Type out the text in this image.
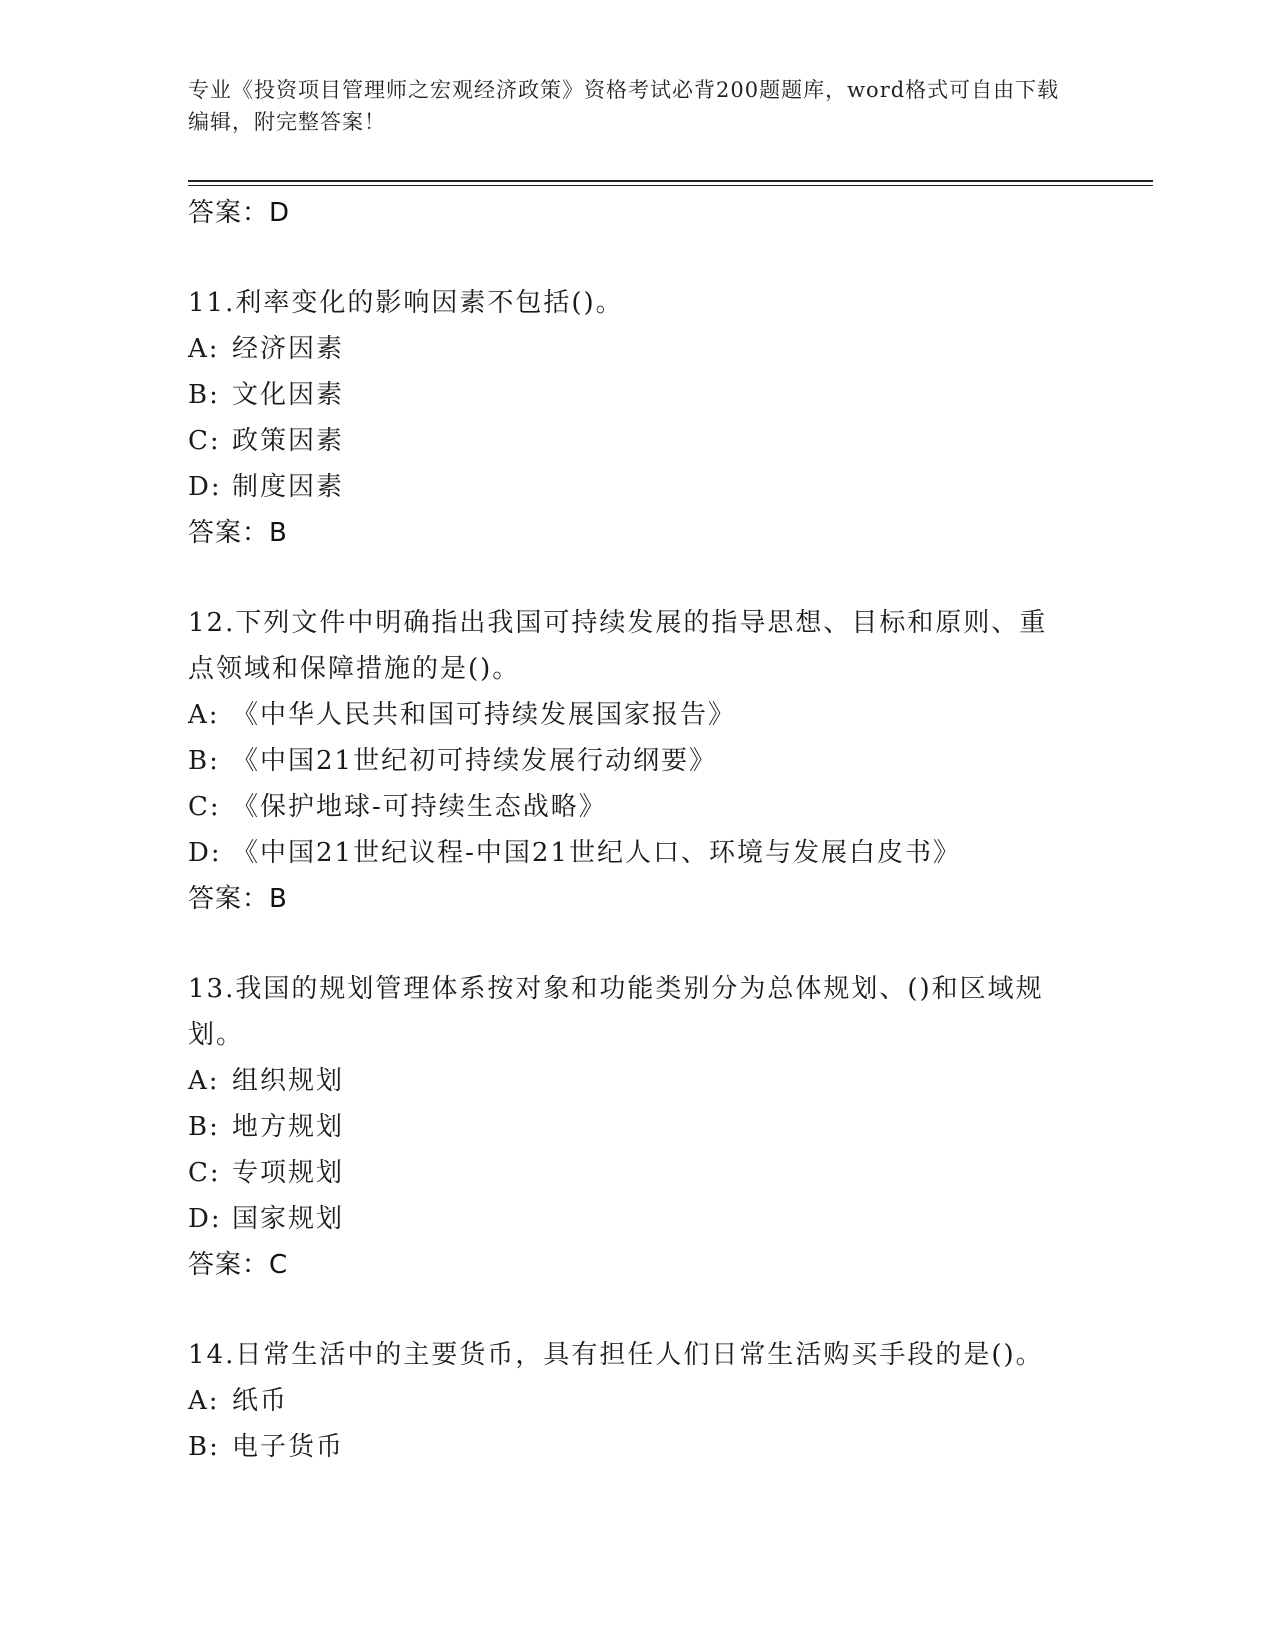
专业《投资项目管理师之宏观经济政策》资格考试必背200题题库，word格式可自由下载编辑，附完整答案！
答案：D
11.利率变化的影响因素不包括()。
A: 经济因素
B: 文化因素
C: 政策因素
D: 制度因素
答案：B
12.下列文件中明确指出我国可持续发展的指导思想、目标和原则、重点领域和保障措施的是()。
A: 《中华人民共和国可持续发展国家报告》
B: 《中国21世纪初可持续发展行动纲要》
C: 《保护地球-可持续生态战略》
D: 《中国21世纪议程-中国21世纪人口、环境与发展白皮书》
答案：B
13.我国的规划管理体系按对象和功能类别分为总体规划、()和区域规划。
A: 组织规划
B: 地方规划
C: 专项规划
D: 国家规划
答案：C
14.日常生活中的主要货币，具有担任人们日常生活购买手段的是()。
A: 纸币
B: 电子货币
